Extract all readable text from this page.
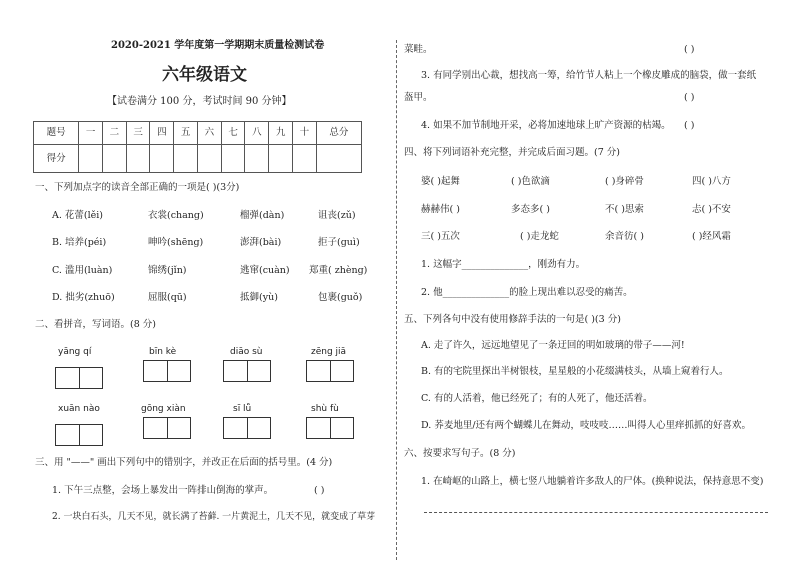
2020-2021 学年度第一学期期末质量检测试卷
六年级语文
【试卷满分 100 分，考试时间 90 分钟】
题号	一	二	三	四	五	六	七	八	九	十	总分
得分											
一、下列加点字的读音全部正确的一项是( )(3分)
A. 花蕾(lěi)	衣裳(chang)	榴弹(dàn)	诅丧(zǔ)
B. 培养(péi)	呻吟(shēng)	澎湃(bài)	拒子(guì)
C. 滥用(luàn)	锦绣(jǐn)	逃窜(cuàn) 郑重( zhèng)
D. 拙劣(zhuō)	屈服(qū)	抵御(yù)	包裹(guǒ)
二、看拼音，写词语。(8 分)
yāng qí	bīn kè	diāo sù	zēng jiā
xuān nào	gōng xiàn	sī lǚ	shù fù
三、用 "——" 画出下列句中的错别字，并改正在后面的括号里。(4 分)
1. 下午三点整，会场上暴发出一阵排山倒海的掌声。	( )
2. 一块白石头，几天不见，就长满了苔藓. 一片黄泥土，几天不见，就变成了草芽
菜畦。	( )
3. 有同学别出心裁，想找高一筹，给竹节人粘上一个橡皮雕成的脑袋，做一套纸
盔甲。	( )
4. 如果不加节制地开采，必将加速地球上旷产资源的枯竭。 ( )
四、将下列词语补充完整，并完成后面习题。(7 分)
婆( )起舞	( )色欲滴	( )身碎骨	四( )八方
赫赫伟( )	多态多( )	不( )思索	忐( )不安
三( )五次	( )走龙蛇	余音彷( )	( )经风霜
1. 这幅字______________，刚劲有力。
2. 他______________的脸上现出难以忍受的痛苦。
五、下列各句中没有使用修辞手法的一句是( )(3 分)
A. 走了许久，远远地望见了一条迂回的明如玻璃的带子——河!
B. 有的宅院里探出半树银枝，星星般的小花缀满枝头，从墙上窥着行人。
C. 有的人活着，他已经死了；有的人死了，他还活着。
D. 荞麦地里/还有两个蝴蝶儿在舞动，吱吱吱……叫得人心里痒抓抓的好喜欢。
六、按要求写句子。(8 分)
1. 在崎岖的山路上，横七竖八地躺着许多敌人的尸体。(换种说法，保持意思不变)
